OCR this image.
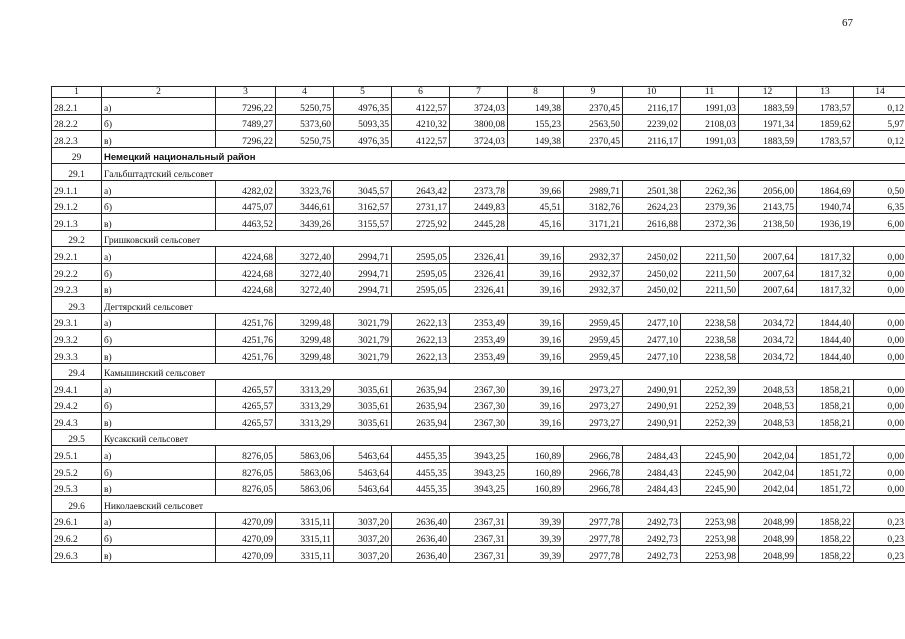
67
1	2	3	4	5	6	7	8	9	10	11	12	13	14
28.2.1	а)	7296,22	5250,75	4976,35	4122,57	3724,03	149,38	2370,45	2116,17	1991,03	1883,59	1783,57	0,12
28.2.2	б)	7489,27	5373,60	5093,35	4210,32	3800,08	155,23	2563,50	2239,02	2108,03	1971,34	1859,62	5,97
28.2.3	в)	7296,22	5250,75	4976,35	4122,57	3724,03	149,38	2370,45	2116,17	1991,03	1883,59	1783,57	0,12
29	Немецкий национальный район												
29.1	Гальбштадтский сельсовет												
29.1.1	а)	4282,02	3323,76	3045,57	2643,42	2373,78	39,66	2989,71	2501,38	2262,36	2056,00	1864,69	0,50
29.1.2	б)	4475,07	3446,61	3162,57	2731,17	2449,83	45,51	3182,76	2624,23	2379,36	2143,75	1940,74	6,35
29.1.3	в)	4463,52	3439,26	3155,57	2725,92	2445,28	45,16	3171,21	2616,88	2372,36	2138,50	1936,19	6,00
29.2	Гришковский сельсовет												
29.2.1	а)	4224,68	3272,40	2994,71	2595,05	2326,41	39,16	2932,37	2450,02	2211,50	2007,64	1817,32	0,00
29.2.2	б)	4224,68	3272,40	2994,71	2595,05	2326,41	39,16	2932,37	2450,02	2211,50	2007,64	1817,32	0,00
29.2.3	в)	4224,68	3272,40	2994,71	2595,05	2326,41	39,16	2932,37	2450,02	2211,50	2007,64	1817,32	0,00
29.3	Дегтярский сельсовет												
29.3.1	а)	4251,76	3299,48	3021,79	2622,13	2353,49	39,16	2959,45	2477,10	2238,58	2034,72	1844,40	0,00
29.3.2	б)	4251,76	3299,48	3021,79	2622,13	2353,49	39,16	2959,45	2477,10	2238,58	2034,72	1844,40	0,00
29.3.3	в)	4251,76	3299,48	3021,79	2622,13	2353,49	39,16	2959,45	2477,10	2238,58	2034,72	1844,40	0,00
29.4	Камышинский сельсовет												
29.4.1	а)	4265,57	3313,29	3035,61	2635,94	2367,30	39,16	2973,27	2490,91	2252,39	2048,53	1858,21	0,00
29.4.2	б)	4265,57	3313,29	3035,61	2635,94	2367,30	39,16	2973,27	2490,91	2252,39	2048,53	1858,21	0,00
29.4.3	в)	4265,57	3313,29	3035,61	2635,94	2367,30	39,16	2973,27	2490,91	2252,39	2048,53	1858,21	0,00
29.5	Кусакский сельсовет												
29.5.1	а)	8276,05	5863,06	5463,64	4455,35	3943,25	160,89	2966,78	2484,43	2245,90	2042,04	1851,72	0,00
29.5.2	б)	8276,05	5863,06	5463,64	4455,35	3943,25	160,89	2966,78	2484,43	2245,90	2042,04	1851,72	0,00
29.5.3	в)	8276,05	5863,06	5463,64	4455,35	3943,25	160,89	2966,78	2484,43	2245,90	2042,04	1851,72	0,00
29.6	Николаевский сельсовет												
29.6.1	а)	4270,09	3315,11	3037,20	2636,40	2367,31	39,39	2977,78	2492,73	2253,98	2048,99	1858,22	0,23
29.6.2	б)	4270,09	3315,11	3037,20	2636,40	2367,31	39,39	2977,78	2492,73	2253,98	2048,99	1858,22	0,23
29.6.3	в)	4270,09	3315,11	3037,20	2636,40	2367,31	39,39	2977,78	2492,73	2253,98	2048,99	1858,22	0,23
